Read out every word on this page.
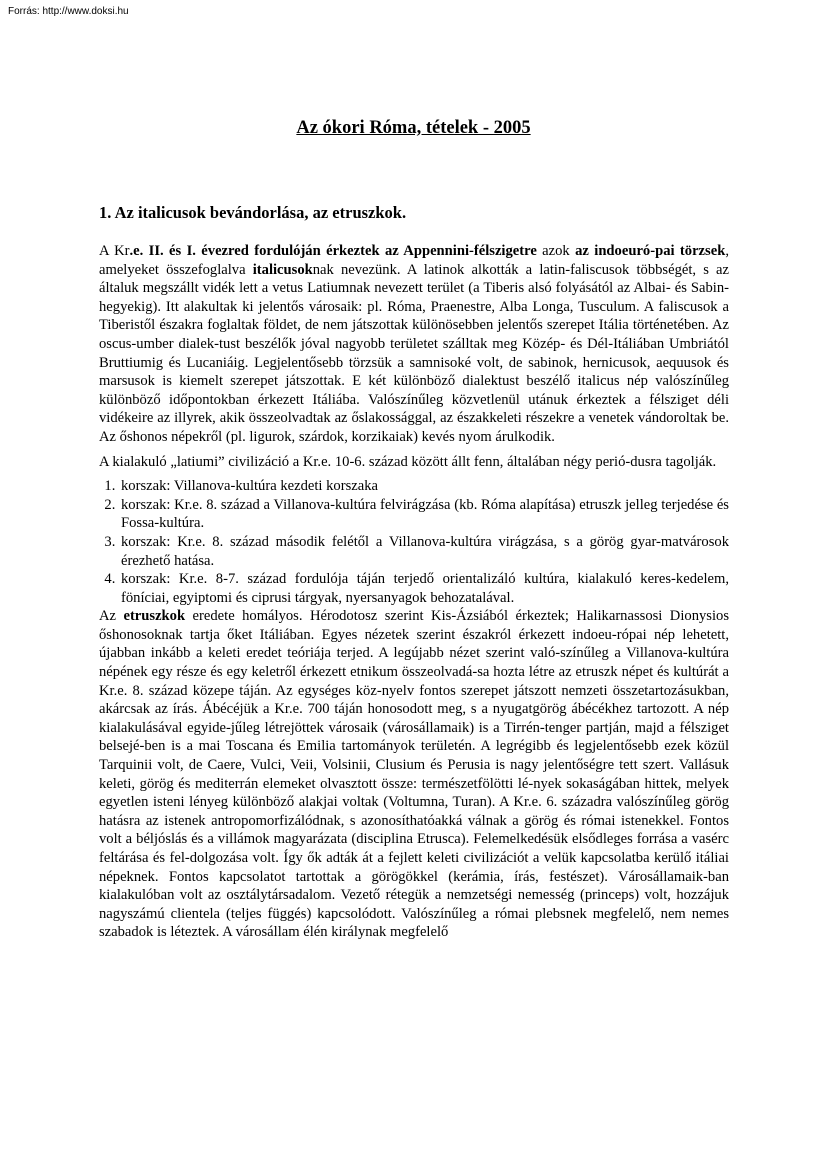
Forrás: http://www.doksi.hu
Az ókori Róma, tételek - 2005
1. Az italicusok bevándorlása, az etruszkok.

A Kr.e. II. és I. évezred fordulóján érkeztek az Appennini-félszigetre azok az indoeuró-pai törzsek, amelyeket összefoglalva italicusoknak nevezünk. A latinok alkották a latin-faliscusok többségét, s az általuk megszállt vidék lett a vetus Latiumnak nevezett terület (a Tiberis alsó folyásától az Albai- és Sabin-hegyekig). Itt alakultak ki jelentős városaik: pl. Róma, Praenestre, Alba Longa, Tusculum. A faliscusok a Tiberistől északra foglaltak földet, de nem játszottak különösebben jelentős szerepet Itália történetében. Az oscus-umber dialek-tust beszélők jóval nagyobb területet szálltak meg Közép- és Dél-Itáliában Umbriától Bruttiumig és Lucaniáig. Legjelentősebb törzsük a samnisoké volt, de sabinok, hernicusok, aequusok és marsusok is kiemelt szerepet játszottak. E két különböző dialektust beszélő italicus nép valószínűleg különböző időpontokban érkezett Itáliába. Valószínűleg közvetlenül utánuk érkeztek a félsziget déli vidékeire az illyrek, akik összeolvadtak az őslakossággal, az északkeleti részekre a venetek vándoroltak be. Az őshonos népekről (pl. ligurok, szárdok, korzikaiak) kevés nyom árulkodik.

A kialakuló „latiumi” civilizáció a Kr.e. 10-6. század között állt fenn, általában négy perió-dusra tagolják.

1. korszak: Villanova-kultúra kezdeti korszaka
2. korszak: Kr.e. 8. század a Villanova-kultúra felvirágzása (kb. Róma alapítása) etruszk jelleg terjedése és Fossa-kultúra.
3. korszak: Kr.e. 8. század második felétől a Villanova-kultúra virágzása, s a görög gyar-matvárosok érezhető hatása.
4. korszak: Kr.e. 8-7. század fordulója táján terjedő orientalizáló kultúra, kialakuló keres-kedelem, föníciai, egyiptomi és ciprusi tárgyak, nyersanyagok behozatalával.

Az etruszkok eredete homályos. Hérodotosz szerint Kis-Ázsiából érkeztek; Halikarnassosi Dionysios őshonosoknak tartja őket Itáliában. Egyes nézetek szerint északról érkezett indoeu-rópai nép lehetett, újabban inkább a keleti eredet teóriája terjed. A legújabb nézet szerint való-színűleg a Villanova-kultúra népének egy része és egy keletről érkezett etnikum összeolvadá-sa hozta létre az etruszk népet és kultúrát a Kr.e. 8. század közepe táján. Az egységes köz-nyelv fontos szerepet játszott nemzeti összetartozásukban, akárcsak az írás. Ábécéjük a Kr.e. 700 táján honosodott meg, s a nyugatgörög ábécékhez tartozott. A nép kialakulásával egyide-jűleg létrejöttek városaik (városállamaik) is a Tirrén-tenger partján, majd a félsziget belsejé-ben is a mai Toscana és Emilia tartományok területén. A legrégibb és legjelentősebb ezek közül Tarquinii volt, de Caere, Vulci, Veii, Volsinii, Clusium és Perusia is nagy jelentőségre tett szert. Vallásuk keleti, görög és mediterrán elemeket olvasztott össze: természetfölötti lé-nyek sokaságában hittek, melyek egyetlen isteni lényeg különböző alakjai voltak (Voltumna, Turan). A Kr.e. 6. századra valószínűleg görög hatásra az istenek antropomorfizálódnak, s azonosíthatóakká válnak a görög és római istenekkel. Fontos volt a béljóslás és a villámok magyarázata (disciplina Etrusca). Felemelkedésük elsődleges forrása a vasérc feltárása és fel-dolgozása volt. Így ők adták át a fejlett keleti civilizációt a velük kapcsolatba kerülő itáliai népeknek. Fontos kapcsolatot tartottak a görögökkel (kerámia, írás, festészet). Városállamaik-ban kialakulóban volt az osztálytársadalom. Vezető rétegük a nemzetségi nemesség (princeps) volt, hozzájuk nagyszámú clientela (teljes függés) kapcsolódott. Valószínűleg a római plebsnek megfelelő, nem nemes szabadok is léteztek. A városállam élén királynak megfelelő
